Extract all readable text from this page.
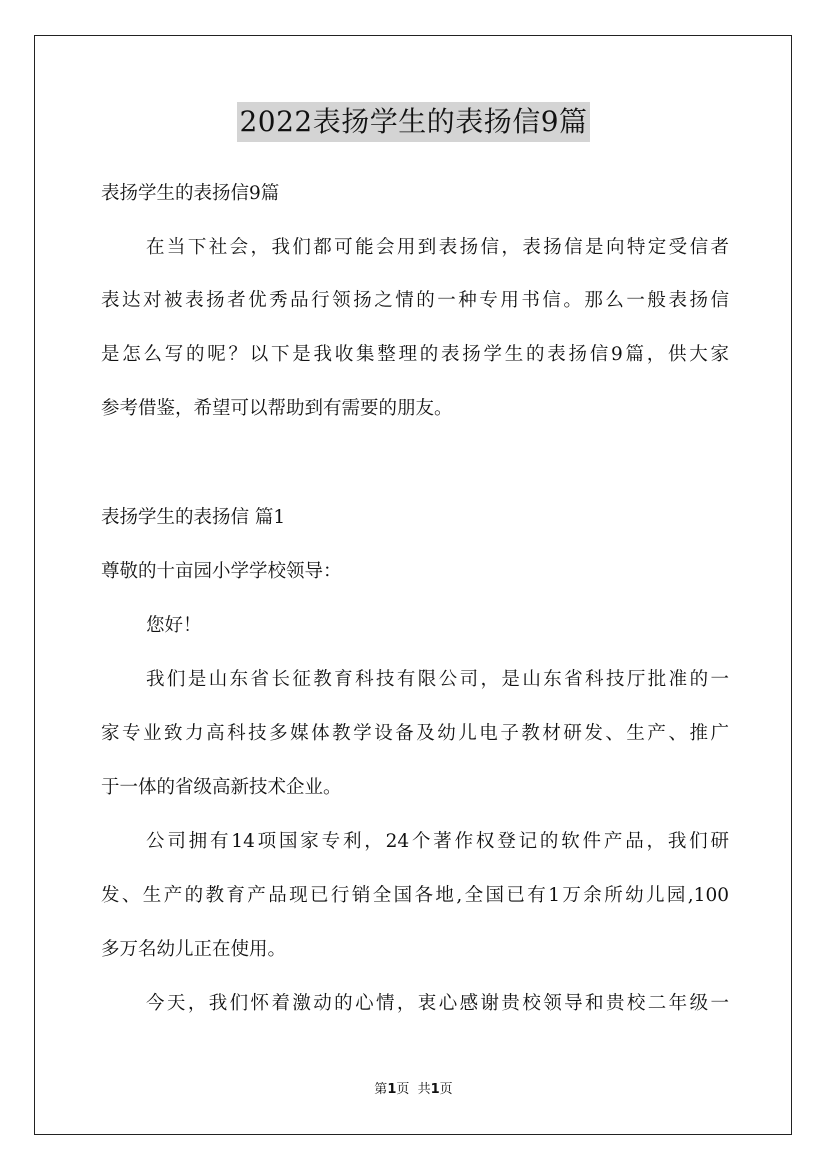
2022表扬学生的表扬信9篇
表扬学生的表扬信9篇
在当下社会，我们都可能会用到表扬信，表扬信是向特定受信者
表达对被表扬者优秀品行领扬之情的一种专用书信。那么一般表扬信
是怎么写的呢？以下是我收集整理的表扬学生的表扬信9篇，供大家
参考借鉴，希望可以帮助到有需要的朋友。
表扬学生的表扬信 篇1
尊敬的十亩园小学学校领导：
您好！
我们是山东省长征教育科技有限公司，是山东省科技厅批准的一
家专业致力高科技多媒体教学设备及幼儿电子教材研发、生产、推广
于一体的省级高新技术企业。
公司拥有14项国家专利，24个著作权登记的软件产品，我们研
发、生产的教育产品现已行销全国各地,全国已有1万余所幼儿园,100
多万名幼儿正在使用。
今天，我们怀着激动的心情，衷心感谢贵校领导和贵校二年级一
第1页  共1页
